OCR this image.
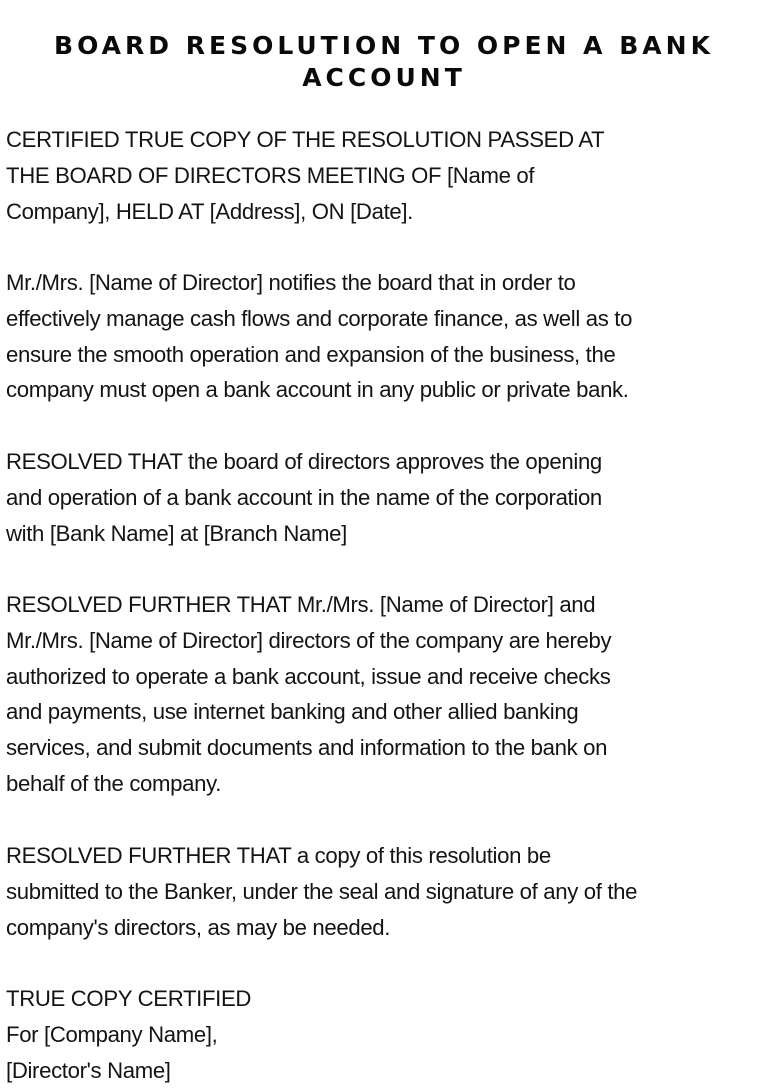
BOARD RESOLUTION TO OPEN A BANK
ACCOUNT

CERTIFIED TRUE COPY OF THE RESOLUTION PASSED AT
THE BOARD OF DIRECTORS MEETING OF [Name of
Company], HELD AT [Address], ON [Date].

Mr./Mrs. [Name of Director] notifies the board that in order to
effectively manage cash flows and corporate finance, as well as to
ensure the smooth operation and expansion of the business, the
company must open a bank account in any public or private bank.

RESOLVED THAT the board of directors approves the opening
and operation of a bank account in the name of the corporation
with [Bank Name] at [Branch Name]

RESOLVED FURTHER THAT Mr./Mrs. [Name of Director] and
Mr./Mrs. [Name of Director] directors of the company are hereby
authorized to operate a bank account, issue and receive checks
and payments, use internet banking and other allied banking
services, and submit documents and information to the bank on
behalf of the company.

RESOLVED FURTHER THAT a copy of this resolution be
submitted to the Banker, under the seal and signature of any of the
company's directors, as may be needed.

TRUE COPY CERTIFIED
For [Company Name],
[Director's Name]
